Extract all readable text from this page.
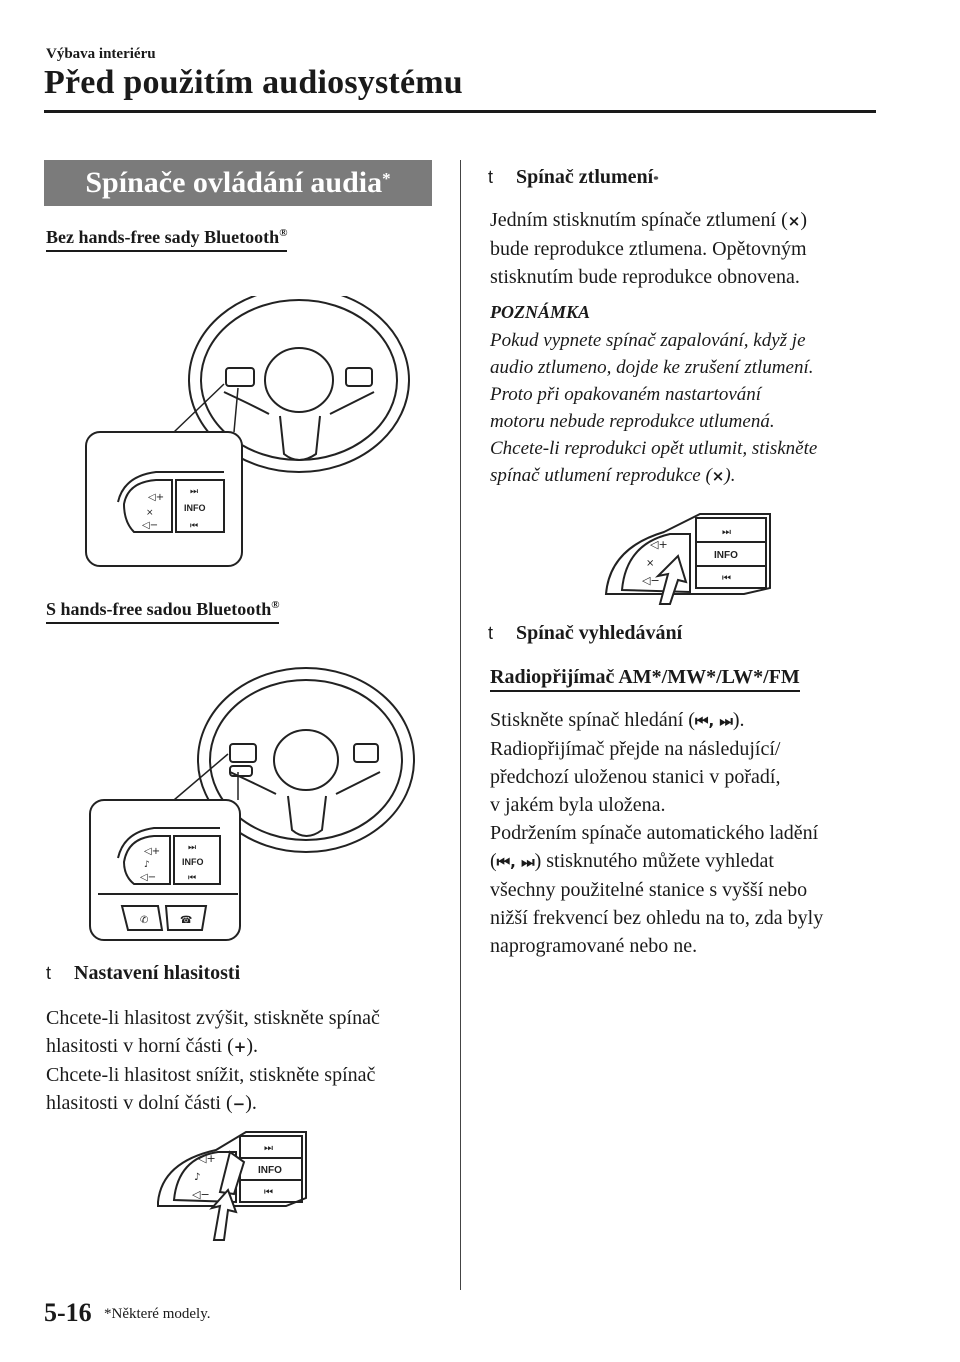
Výbava interiéru
Před použitím audiosystému
Spínače ovládání audia*
Bez hands-free sady Bluetooth®
◁+
⨯
◁−
⏭
INFO
⏮
S hands-free sadou Bluetooth®
◁+
♪
◁−
⏭
INFO
⏮
✆	☎
t	Nastavení hlasitosti
Chcete-li hlasitost zvýšit, stiskněte spínač
hlasitosti v horní části (+).
Chcete-li hlasitost snížit, stiskněte spínač
hlasitosti v dolní části (−).
◁+
♪
◁−
⏭
INFO
⏮
t	Spínač ztlumení *
Jedním stisknutím spínače ztlumení (⨯)
bude reprodukce ztlumena. Opětovným
stisknutím bude reprodukce obnovena.
POZNÁMKA
Pokud vypnete spínač zapalování, když je
audio ztlumeno, dojde ke zrušení ztlumení.
Proto při opakovaném nastartování
motoru nebude reprodukce utlumená.
Chcete-li reprodukci opět utlumit, stiskněte
spínač utlumení reprodukce (⨯).
◁+
⨯
◁−
⏭
INFO
⏮
t	Spínač vyhledávání
Radiopřijímač AM*/MW*/LW*/FM
Stiskněte spínač hledání (⏮, ⏭).
Radiopřijímač přejde na následující/
předchozí uloženou stanici v pořadí,
v jakém byla uložena.
Podržením spínače automatického ladění
(⏮, ⏭) stisknutého můžete vyhledat
všechny použitelné stanice s vyšší nebo
nižší frekvencí bez ohledu na to, zda byly
naprogramované nebo ne.
5-16 *Některé modely.
